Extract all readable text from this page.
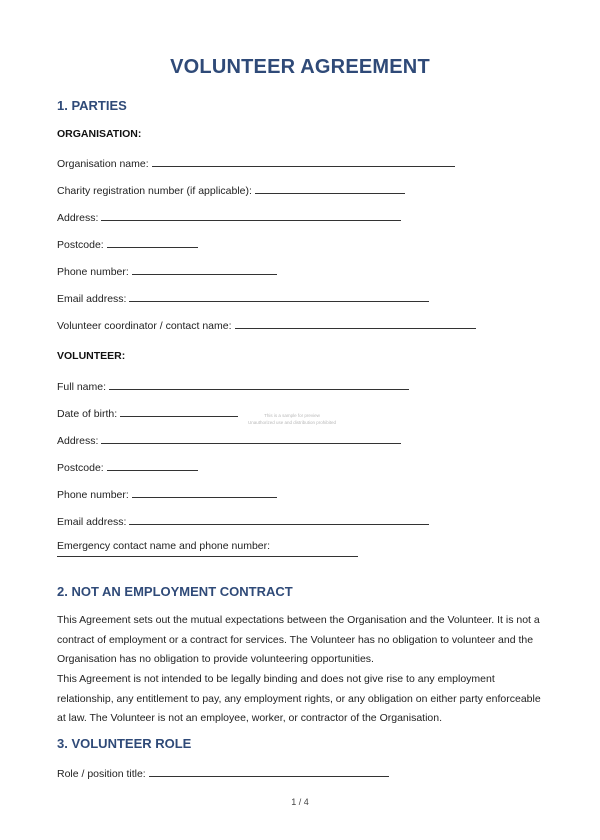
VOLUNTEER AGREEMENT
1. PARTIES
ORGANISATION:
Organisation name:
Charity registration number (if applicable):
Address:
Postcode:
Phone number:
Email address:
Volunteer coordinator / contact name:
VOLUNTEER:
Full name:
Date of birth:
Address:
Postcode:
Phone number:
Email address:
Emergency contact name and phone number:
2. NOT AN EMPLOYMENT CONTRACT
This Agreement sets out the mutual expectations between the Organisation and the Volunteer. It is not a contract of employment or a contract for services. The Volunteer has no obligation to volunteer and the Organisation has no obligation to provide volunteering opportunities.
This Agreement is not intended to be legally binding and does not give rise to any employment relationship, any entitlement to pay, any employment rights, or any obligation on either party enforceable at law. The Volunteer is not an employee, worker, or contractor of the Organisation.
3. VOLUNTEER ROLE
Role / position title:
This is a sample for preview
Unauthorized use and distribution prohibited
1 / 4
